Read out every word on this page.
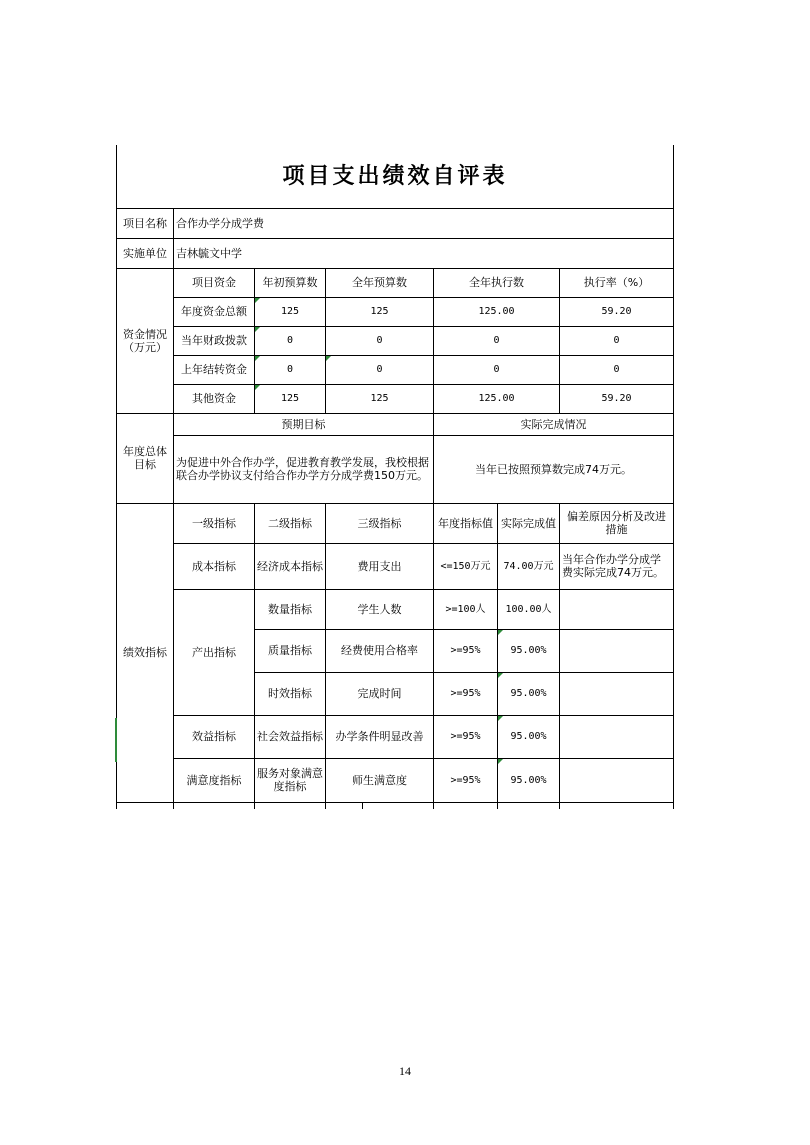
项目支出绩效自评表							
项目名称	合作办学分成学费						
实施单位	吉林毓文中学						
资金情况
（万元）	项目资金	年初预算数	全年预算数		全年执行数		执行率（%）
	年度资金总额	125	125		125.00		59.20
	当年财政拨款	0	0		0		0
	上年结转资金	0	0		0		0
	其他资金	125	125		125.00		59.20
年度总体
目标	预期目标				实际完成情况		
	为促进中外合作办学，促进教育教学发展，我校根据联合办学协议支付给合作办学方分成学费150万元。				当年已按照预算数完成74万元。		
绩效指标	一级指标	二级指标	三级指标		年度指标值	实际完成值	偏差原因分析及改进措施
	成本指标	经济成本指标	费用支出		<=150万元	74.00万元	当年合作办学分成学费实际完成74万元。
	产出指标	数量指标	学生人数		>=100人	100.00人	
		质量指标	经费使用合格率		>=95%	95.00%	
		时效指标	完成时间		>=95%	95.00%	
	效益指标	社会效益指标	办学条件明显改善		>=95%	95.00%	
	满意度指标	服务对象满意度指标	师生满意度		>=95%	95.00%	

14
